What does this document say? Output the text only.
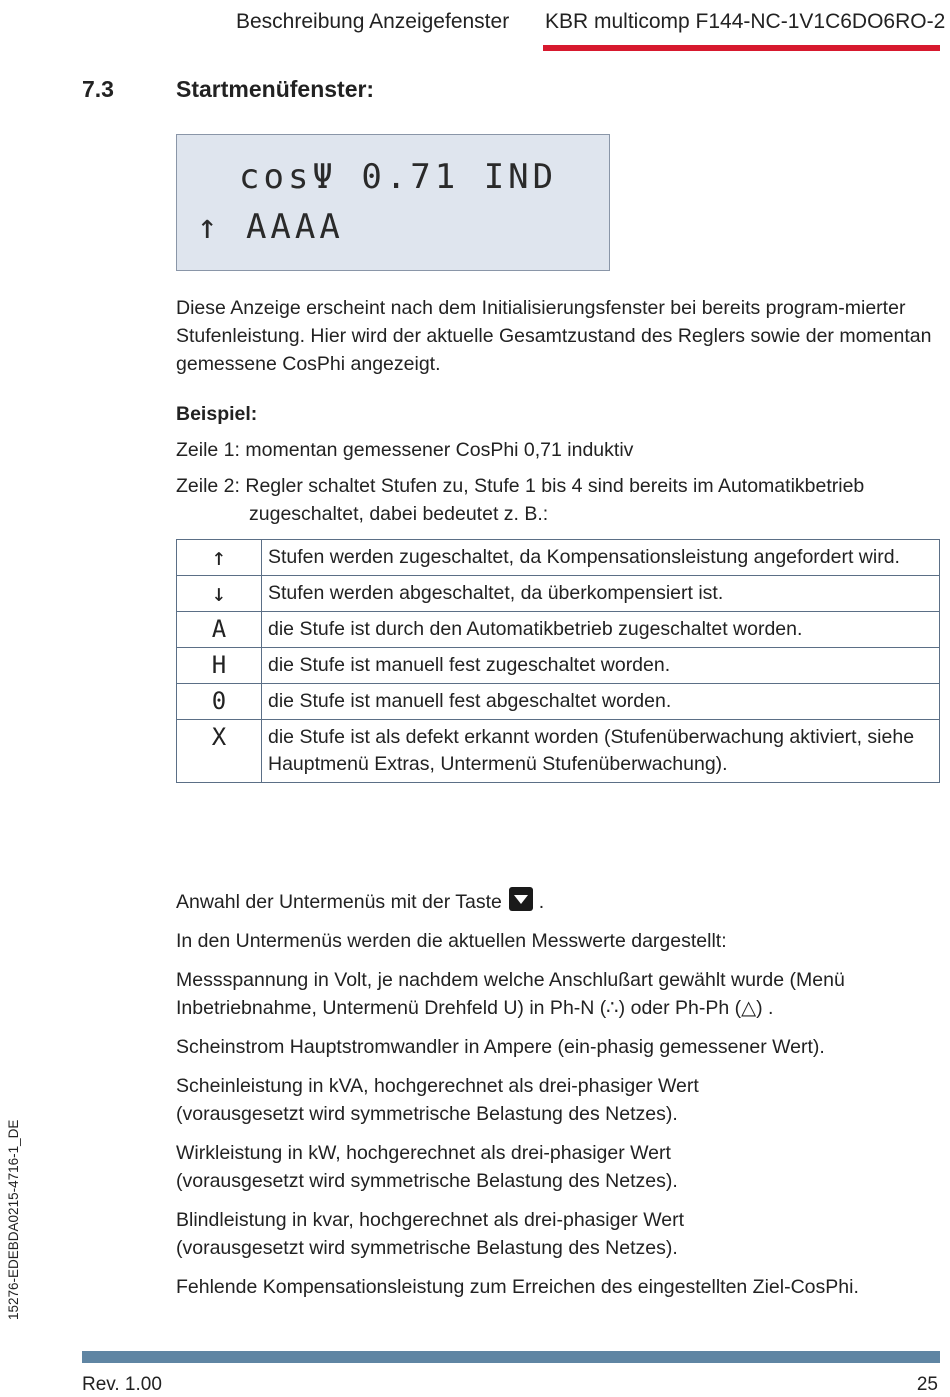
Beschreibung Anzeigefenster KBR multicomp F144-NC-1V1C6DO6RO-2
7.3	Startmenüfenster:
cosΨ 0.71 IND
↑ AAAA
Diese Anzeige erscheint nach dem Initialisierungsfenster bei bereits program-mierter Stufenleistung. Hier wird der aktuelle Gesamtzustand des Reglers sowie der momentan gemessene CosPhi angezeigt.
Beispiel:
Zeile 1: momentan gemessener CosPhi 0,71 induktiv
Zeile 2: Regler schaltet Stufen zu, Stufe 1 bis 4 sind bereits im Automatikbetrieb
zugeschaltet, dabei bedeutet z. B.:
↑	Stufen werden zugeschaltet, da Kompensationsleistung angefordert wird.
↓	Stufen werden abgeschaltet, da überkompensiert ist.
A	die Stufe ist durch den Automatikbetrieb zugeschaltet worden.
H	die Stufe ist manuell fest zugeschaltet worden.
0	die Stufe ist manuell fest abgeschaltet worden.
X	die Stufe ist als defekt erkannt worden (Stufenüberwachung aktiviert, siehe Hauptmenü Extras, Untermenü Stufenüberwachung).
Anwahl der Untermenüs mit der Taste .
In den Untermenüs werden die aktuellen Messwerte dargestellt:
Messspannung in Volt, je nachdem welche Anschlußart gewählt wurde (Menü Inbetriebnahme, Untermenü Drehfeld U) in Ph-N (∴) oder Ph-Ph (△) .
Scheinstrom Hauptstromwandler in Ampere (ein-phasig gemessener Wert).
Scheinleistung in kVA, hochgerechnet als drei-phasiger Wert
(vorausgesetzt wird symmetrische Belastung des Netzes).
Wirkleistung in kW, hochgerechnet als drei-phasiger Wert
(vorausgesetzt wird symmetrische Belastung des Netzes).
Blindleistung in kvar, hochgerechnet als drei-phasiger Wert
(vorausgesetzt wird symmetrische Belastung des Netzes).
Fehlende Kompensationsleistung zum Erreichen des eingestellten Ziel-CosPhi.
15276-EDEBDA0215-4716-1_DE
Rev. 1.00	25
